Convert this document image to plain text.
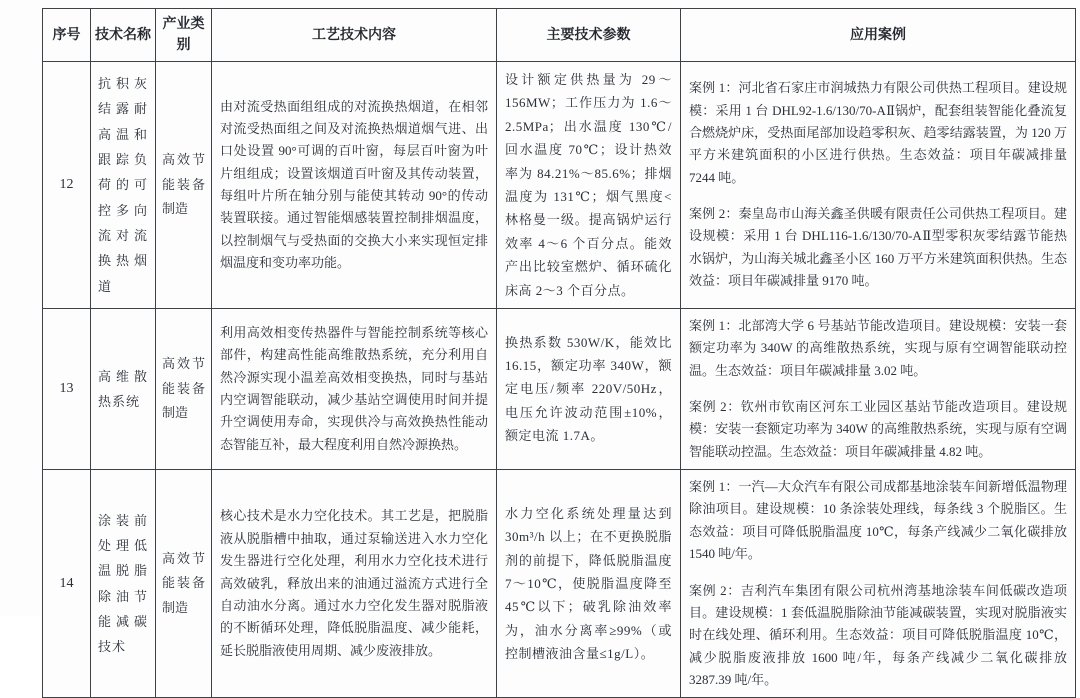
序号	技术名称	产业类别	工艺技术内容	主要技术参数	应用案例
12	抗积灰结露耐高温和跟踪负荷的可控多向流对流换热烟道	高效节能装备制造	由对流受热面组组成的对流换热烟道，在相邻对流受热面组之间及对流换热烟道烟气进、出口处设置 90°可调的百叶窗，每层百叶窗为叶片组组成；设置该烟道百叶窗及其传动装置，每组叶片所在轴分别与能使其转动 90°的传动装置联接。通过智能烟感装置控制排烟温度，以控制烟气与受热面的交换大小来实现恒定排烟温度和变功率功能。	设计额定供热量为 29～156MW；工作压力为 1.6～2.5MPa；出水温度 130℃/回水温度 70℃；设计热效率为 84.21%～85.6%；排烟温度为 131℃；烟气黑度<林格曼一级。提高锅炉运行效率 4～6 个百分点。能效产出比较室燃炉、循环硫化床高 2～3 个百分点。	案例 1：河北省石家庄市润城热力有限公司供热工程项目。建设规模：采用 1 台 DHL92-1.6/130/70-AⅡ锅炉，配套组装智能化叠流复合燃烧炉床，受热面尾部加设趋零积灰、趋零结露装置，为 120 万平方米建筑面积的小区进行供热。生态效益：项目年碳减排量 7244 吨。

案例 2：秦皇岛市山海关鑫圣供暖有限责任公司供热工程项目。建设规模：采用 1 台 DHL116-1.6/130/70-AⅡ型零积灰零结露节能热水锅炉，为山海关城北鑫圣小区 160 万平方米建筑面积供热。生态效益：项目年碳减排量 9170 吨。

13	高维散热系统	高效节能装备制造	利用高效相变传热器件与智能控制系统等核心部件，构建高性能高维散热系统，充分利用自然冷源实现小温差高效相变换热，同时与基站内空调智能联动，减少基站空调使用时间并提升空调使用寿命，实现供冷与高效换热性能动态智能互补，最大程度利用自然冷源换热。	换热系数 530W/K，能效比 16.15，额定功率 340W，额定电压/频率 220V/50Hz，电压允许波动范围±10%，额定电流 1.7A。	案例 1：北部湾大学 6 号基站节能改造项目。建设规模：安装一套额定功率为 340W 的高维散热系统，实现与原有空调智能联动控温。生态效益：项目年碳减排量 3.02 吨。

案例 2：钦州市钦南区河东工业园区基站节能改造项目。建设规模：安装一套额定功率为 340W 的高维散热系统，实现与原有空调智能联动控温。生态效益：项目年碳减排量 4.82 吨。

14	涂装前处理低温脱脂除油节能减碳技术	高效节能装备制造	核心技术是水力空化技术。其工艺是，把脱脂液从脱脂槽中抽取，通过泵输送进入水力空化发生器进行空化处理，利用水力空化技术进行高效破乳，释放出来的油通过溢流方式进行全自动油水分离。通过水力空化发生器对脱脂液的不断循环处理，降低脱脂温度、减少能耗，延长脱脂液使用周期、减少废液排放。	水力空化系统处理量达到 30m³/h 以上；在不更换脱脂剂的前提下，降低脱脂温度 7～10℃，使脱脂温度降至 45℃以下；破乳除油效率为，油水分离率≥99%（或控制槽液油含量≤1g/L）。	案例 1：一汽—大众汽车有限公司成都基地涂装车间新增低温物理除油项目。建设规模：10 条涂装处理线，每条线 3 个脱脂区。生态效益：项目可降低脱脂温度 10℃，每条产线减少二氧化碳排放 1540 吨/年。

案例 2：吉利汽车集团有限公司杭州湾基地涂装车间低碳改造项目。建设规模：1 套低温脱脂除油节能减碳装置，实现对脱脂液实时在线处理、循环利用。生态效益：项目可降低脱脂温度 10℃，减少脱脂废液排放 1600 吨/年，每条产线减少二氧化碳排放 3287.39 吨/年。
